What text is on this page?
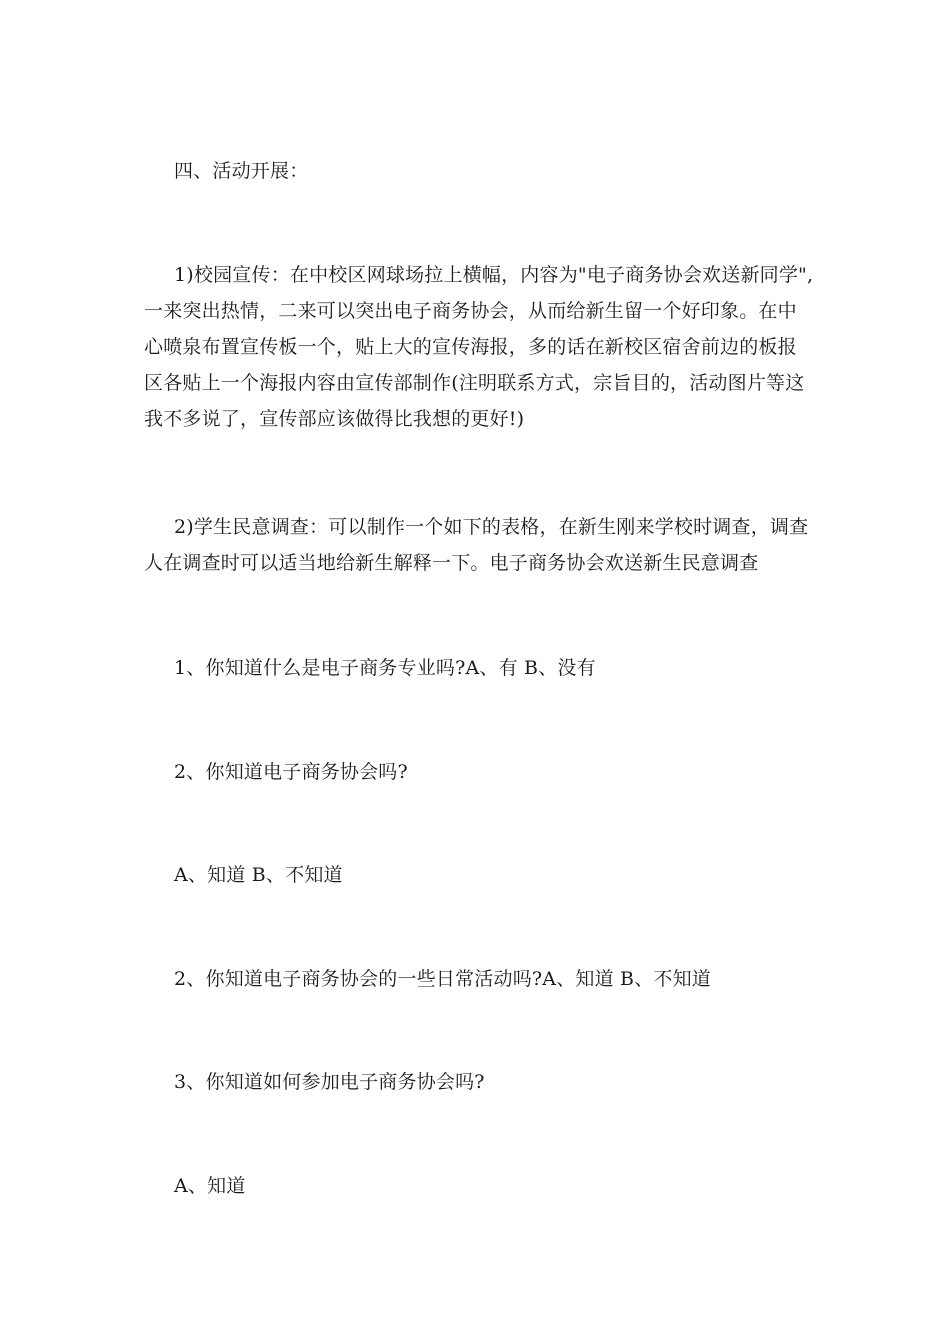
四、活动开展：
1)校园宣传：在中校区网球场拉上横幅，内容为"电子商务协会欢送新同学",
一来突出热情，二来可以突出电子商务协会，从而给新生留一个好印象。在中
心喷泉布置宣传板一个，贴上大的宣传海报，多的话在新校区宿舍前边的板报
区各贴上一个海报内容由宣传部制作(注明联系方式，宗旨目的，活动图片等这
我不多说了，宣传部应该做得比我想的更好!)
2)学生民意调查：可以制作一个如下的表格，在新生刚来学校时调查，调查
人在调查时可以适当地给新生解释一下。电子商务协会欢送新生民意调查
1、你知道什么是电子商务专业吗?A、有 B、没有
2、你知道电子商务协会吗?
A、知道 B、不知道
2、你知道电子商务协会的一些日常活动吗?A、知道 B、不知道
3、你知道如何参加电子商务协会吗?
A、知道
